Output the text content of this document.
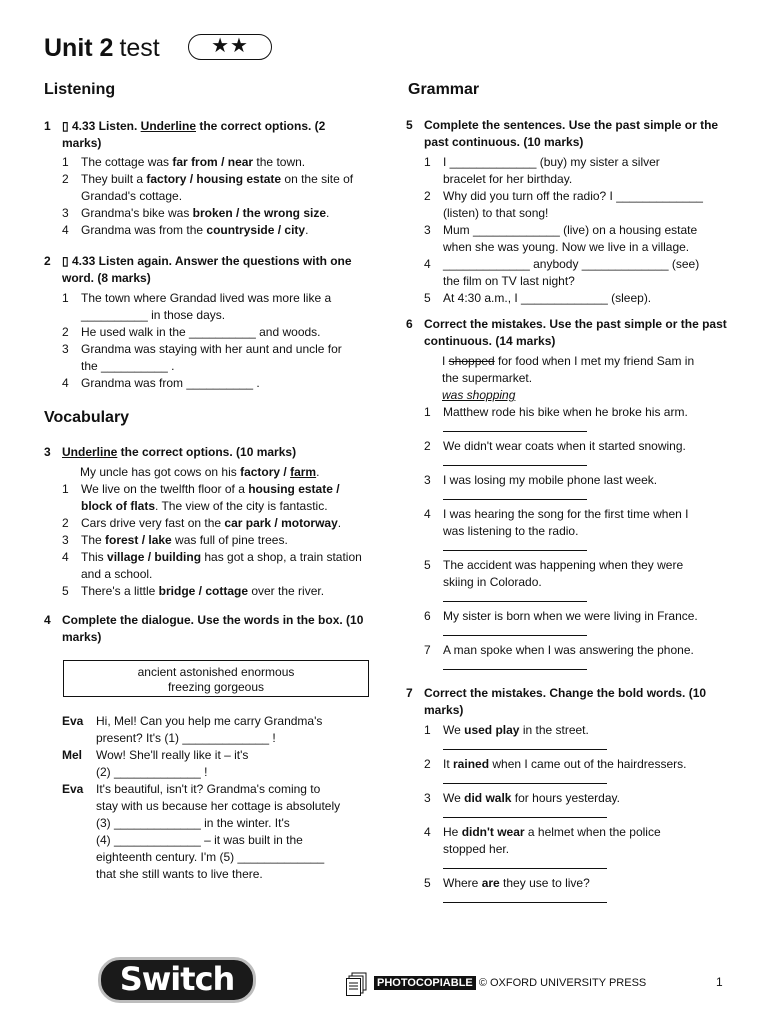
Unit 2 test	★★
Listening	Grammar
Vocabulary
1 ▯ 4.33 Listen. Underline the correct options. (2 marks)
1	The cottage was far from / near the town.
2	They built a factory / housing estate on the site of Grandad's cottage.
3	Grandma's bike was broken / the wrong size.
4	Grandma was from the countryside / city.
2 ▯ 4.33 Listen again. Answer the questions with one word. (8 marks)
1	The town where Grandad lived was more like a
__________ in those days.
2	He used walk in the __________ and woods.
3	Grandma was staying with her aunt and uncle for
the __________ .
4	Grandma was from __________ .
3 Underline the correct options. (10 marks)
My uncle has got cows on his factory / farm.
1	We live on the twelfth floor of a housing estate / block of flats. The view of the city is fantastic.
2	Cars drive very fast on the car park / motorway.
3	The forest / lake was full of pine trees.
4	This village / building has got a shop, a train station and a school.
5	There's a little bridge / cottage over the river.
4 Complete the dialogue. Use the words in the box. (10 marks)
ancient astonished enormous
freezing gorgeous
Eva	Hi, Mel! Can you help me carry Grandma's
present? It's (1) _____________ !
Mel	Wow! She'll really like it – it's
(2) _____________ !
Eva	It's beautiful, isn't it? Grandma's coming to
stay with us because her cottage is absolutely
(3) _____________ in the winter. It's
(4) _____________ – it was built in the
eighteenth century. I'm (5) _____________
that she still wants to live there.
5 Complete the sentences. Use the past simple or the past continuous. (10 marks)
1	I _____________ (buy) my sister a silver
bracelet for her birthday.
2	Why did you turn off the radio? I _____________
(listen) to that song!
3	Mum _____________ (live) on a housing estate
when she was young. Now we live in a village.
4	_____________ anybody _____________ (see)
the film on TV last night?
5	At 4:30 a.m., I _____________ (sleep).
6 Correct the mistakes. Use the past simple or the past continuous. (14 marks)
I shopped for food when I met my friend Sam in
the supermarket.
was shopping
1	Matthew rode his bike when he broke his arm.
2	We didn't wear coats when it started snowing.
3	I was losing my mobile phone last week.
4	I was hearing the song for the first time when I
was listening to the radio.
5	The accident was happening when they were
skiing in Colorado.
6	My sister is born when we were living in France.
7	A man spoke when I was answering the phone.
7 Correct the mistakes. Change the bold words. (10 marks)
1	We used play in the street.
2	It rained when I came out of the hairdressers.
3	We did walk for hours yesterday.
4	He didn't wear a helmet when the police
stopped her.
5	Where are they use to live?
Switch	PHOTOCOPIABLE © OXFORD UNIVERSITY PRESS	1
